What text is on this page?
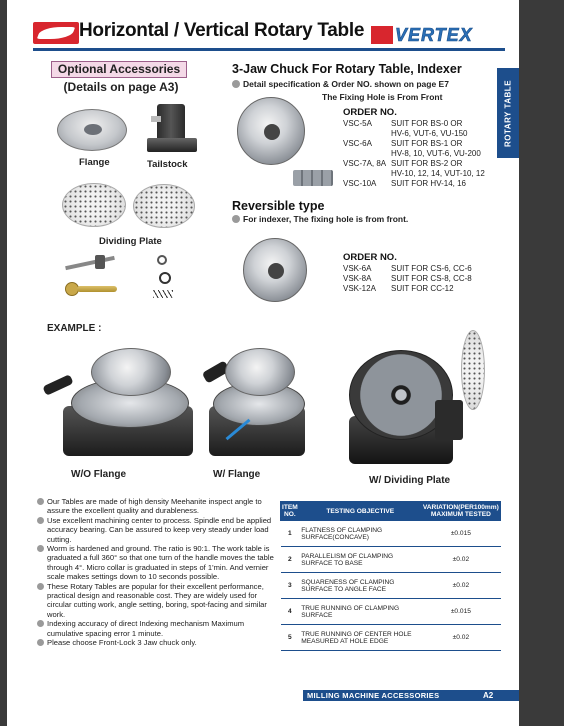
Horizontal / Vertical Rotary Table VERTEX
ROTARY TABLE
Optional Accessories
(Details on page A3)
Flange	Tailstock
Dividing Plate
3-Jaw Chuck For Rotary Table, Indexer
Detail specification & Order NO. shown on page E7
The Fixing Hole is From Front
ORDER NO.
VSC-5A	SUIT FOR BS-0 OR
HV-6, VUT-6, VU-150
VSC-6A	SUIT FOR BS-1 OR
HV-8, 10, VUT-6, VU-200
VSC-7A, 8A SUIT FOR BS-2 OR
HV-10, 12, 14, VUT-10, 12
VSC-10A	SUIT FOR HV-14, 16
Reversible type
For indexer, The fixing hole is from front.
ORDER NO.
VSK-6A	SUIT FOR CS-6, CC-6
VSK-8A	SUIT FOR CS-8, CC-8
VSK-12A	SUIT FOR CC-12
EXAMPLE :
W/O Flange	W/ Flange
W/ Dividing Plate
Our Tables are made of high density Meehanite inspect angle to assure the excellent quality and durableness.
Use excellent machining center to process. Spindle end be applied accuracy bearing. Can be assured to keep very steady under load cutting.
Worm is hardened and ground. The ratio is 90:1. The work table is graduated a full 360° so that one turn of the handle moves the table through 4°. Micro collar is graduated in steps of 1'min. And vernier scale makes settings down to 10 seconds possible.
These Rotary Tables are popular for their excellent performance, practical design and reasonable cost. They are widely used for circular cutting work, angle setting, boring, spot-facing and similar work.
Indexing accuracy of direct Indexing mechanism Maximum cumulative spacing error 1 minute.
Please choose Front-Lock 3 Jaw chuck only.
ITEM NO.	TESTING OBJECTIVE	VARIATION(PER100mm) MAXIMUM TESTED
1	FLATNESS OF CLAMPING SURFACE(CONCAVE)	±0.015
2	PARALLELISM OF CLAMPING SURFACE TO BASE	±0.02
3	SQUARENESS OF CLAMPING SURFACE TO ANGLE FACE	±0.02
4	TRUE RUNNING OF CLAMPING SURFACE	±0.015
5	TRUE RUNNING OF CENTER HOLE MEASURED AT HOLE EDGE	±0.02
MILLING MACHINE ACCESSORIES	A2
